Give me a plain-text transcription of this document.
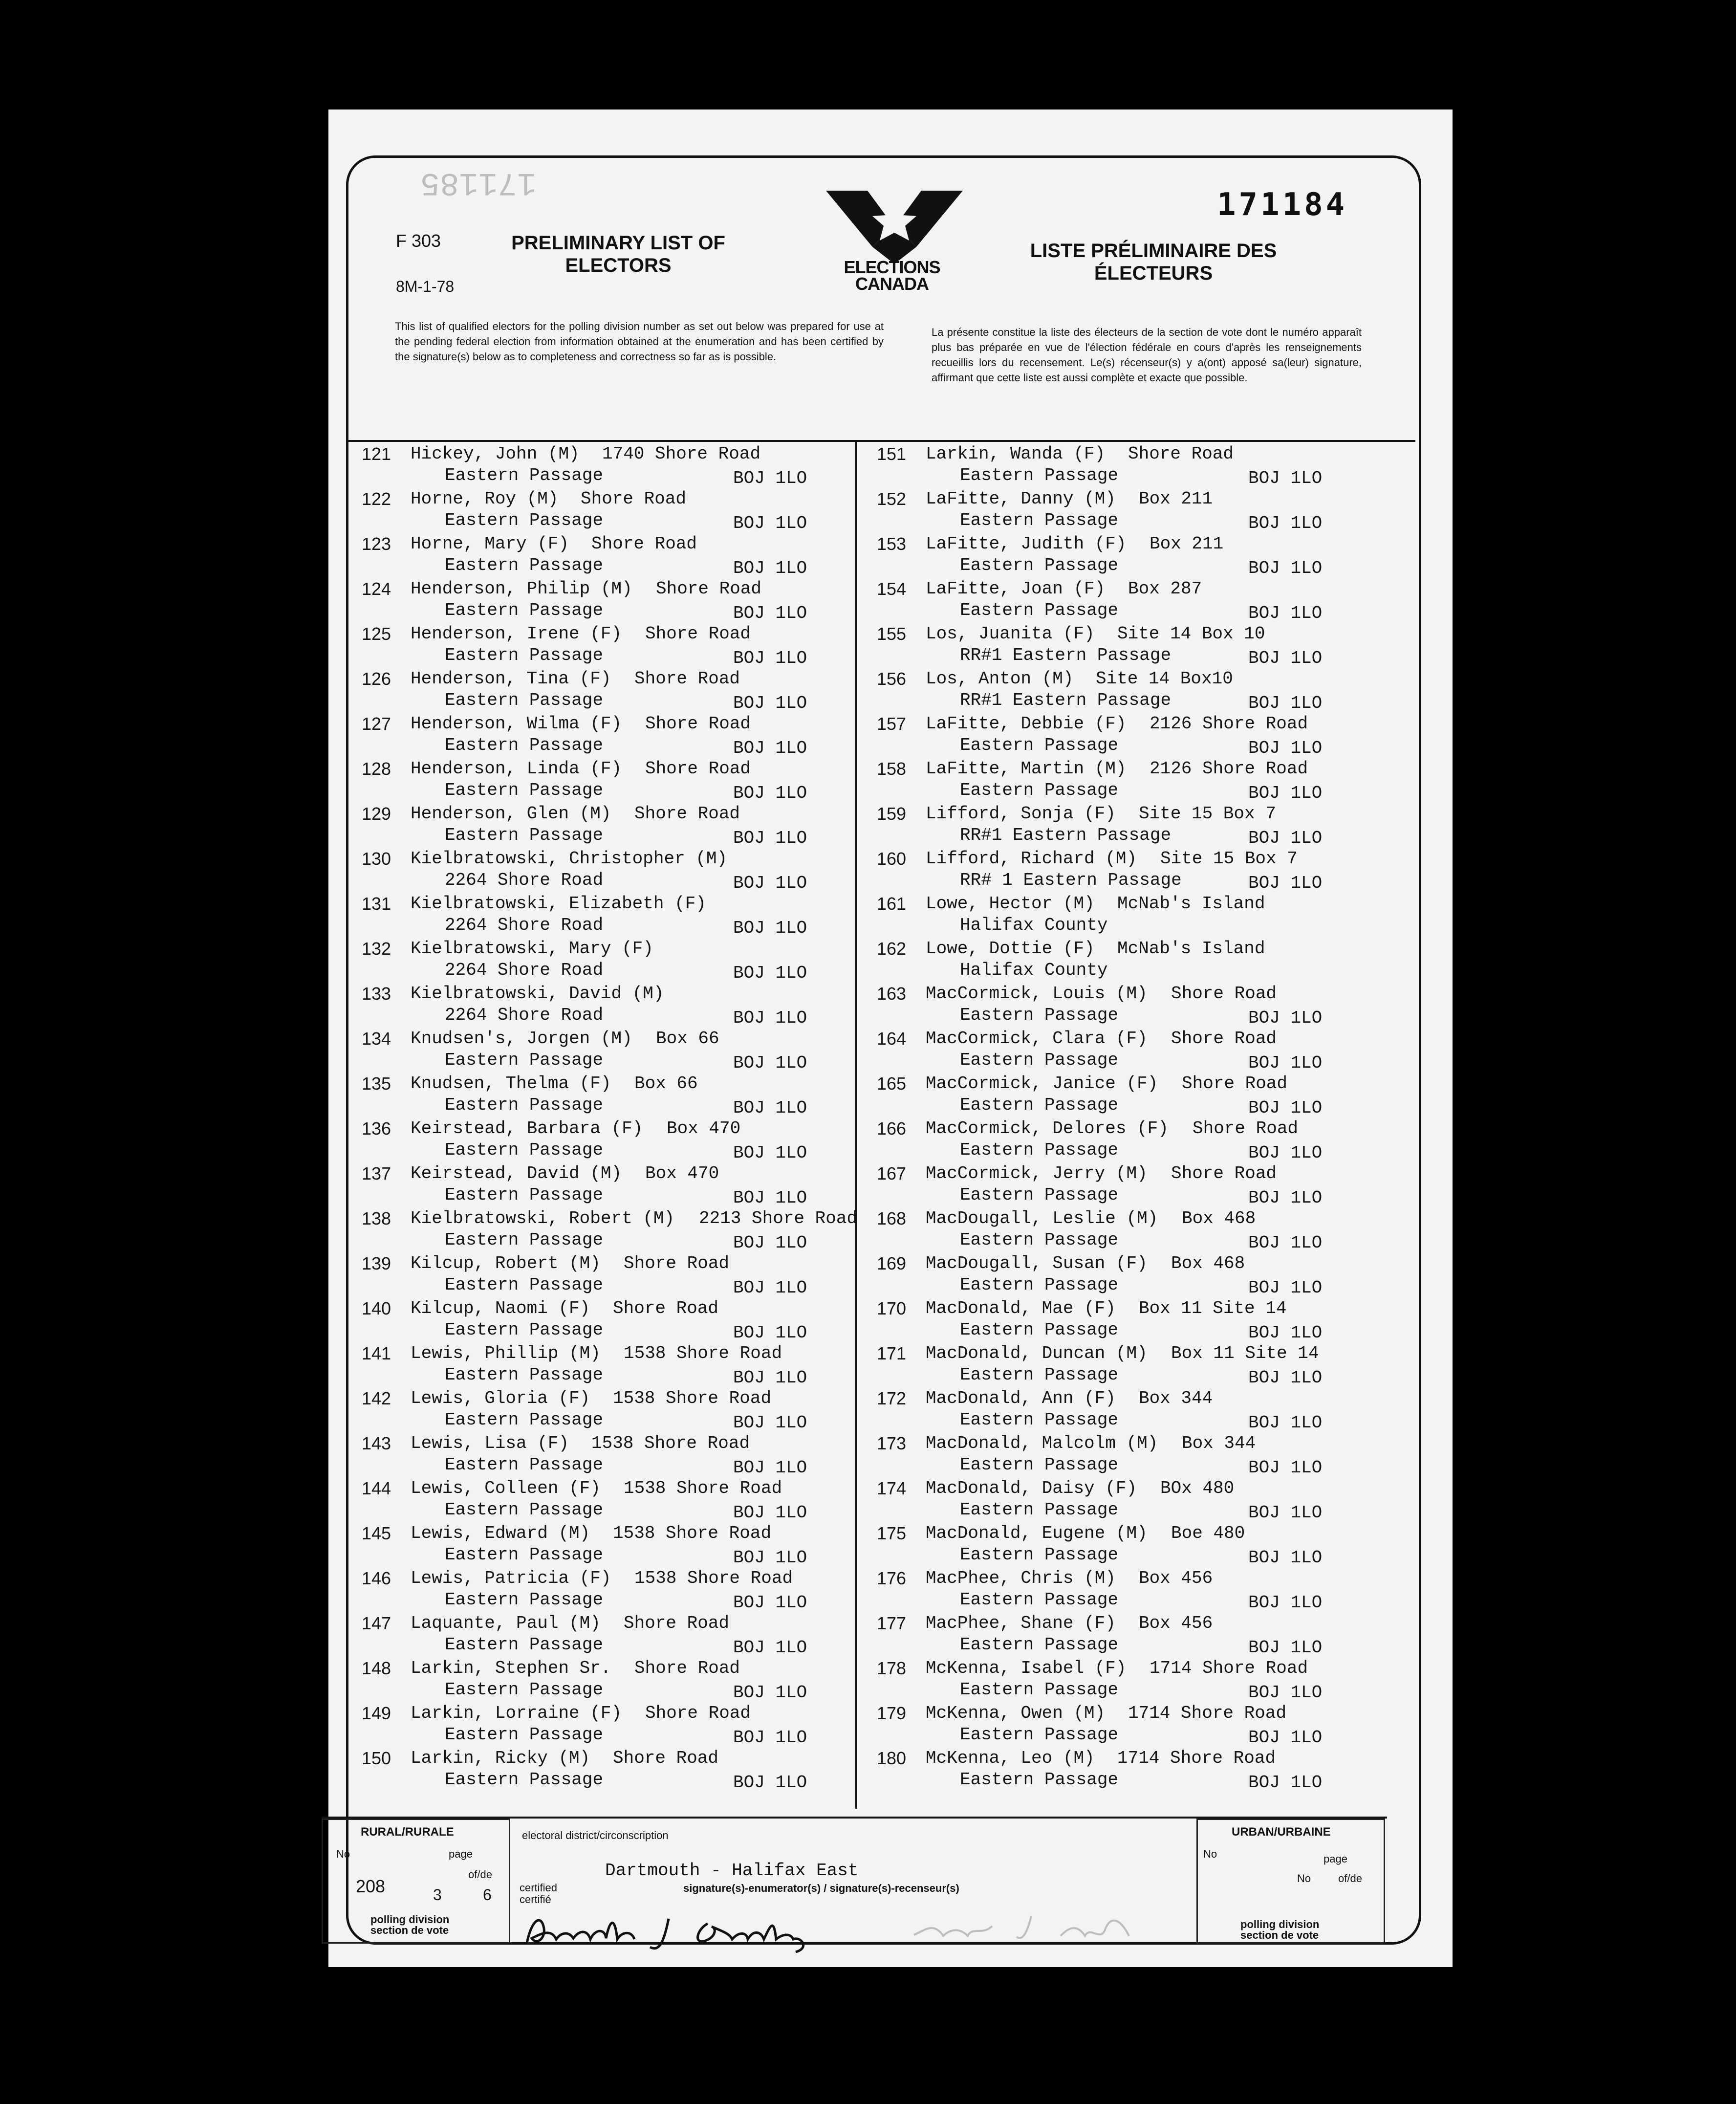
171185
171184
F 303
8M-1-78
PRELIMINARY LIST OF ELECTORS
LISTE PRÉLIMINAIRE DES ÉLECTEURS
ELECTIONS CANADA
This list of qualified electors for the polling division number as set out below was prepared for use at the pending federal election from information obtained at the enumeration and has been certified by the signature(s) below as to completeness and correctness so far as is possible.
La présente constitue la liste des électeurs de la section de vote dont le numéro apparaît plus bas préparée en vue de l'élection fédérale en cours d'après les renseignements recueillis lors du recensement. Le(s) récenseur(s) y a(ont) apposé sa(leur) signature, affirmant que cette liste est aussi complète et exacte que possible.
121 Hickey, John (M) 1740 Shore Road
Eastern Passage	BOJ 1LO
122 Horne, Roy (M) Shore Road
Eastern Passage	BOJ 1LO
123 Horne, Mary (F) Shore Road
Eastern Passage	BOJ 1LO
124 Henderson, Philip (M) Shore Road
Eastern Passage	BOJ 1LO
125 Henderson, Irene (F) Shore Road
Eastern Passage	BOJ 1LO
126 Henderson, Tina (F) Shore Road
Eastern Passage	BOJ 1LO
127 Henderson, Wilma (F) Shore Road
Eastern Passage	BOJ 1LO
128 Henderson, Linda (F) Shore Road
Eastern Passage	BOJ 1LO
129 Henderson, Glen (M) Shore Road
Eastern Passage	BOJ 1LO
130 Kielbratowski, Christopher (M)
2264 Shore Road	BOJ 1LO
131 Kielbratowski, Elizabeth (F)
2264 Shore Road	BOJ 1LO
132 Kielbratowski, Mary (F)
2264 Shore Road	BOJ 1LO
133 Kielbratowski, David (M)
2264 Shore Road	BOJ 1LO
134 Knudsen's, Jorgen (M) Box 66
Eastern Passage	BOJ 1LO
135 Knudsen, Thelma (F) Box 66
Eastern Passage	BOJ 1LO
136 Keirstead, Barbara (F) Box 470
Eastern Passage	BOJ 1LO
137 Keirstead, David (M) Box 470
Eastern Passage	BOJ 1LO
138 Kielbratowski, Robert (M) 2213 Shore Road
Eastern Passage	BOJ 1LO
139 Kilcup, Robert (M) Shore Road
Eastern Passage	BOJ 1LO
140 Kilcup, Naomi (F) Shore Road
Eastern Passage	BOJ 1LO
141 Lewis, Phillip (M) 1538 Shore Road
Eastern Passage	BOJ 1LO
142 Lewis, Gloria (F) 1538 Shore Road
Eastern Passage	BOJ 1LO
143 Lewis, Lisa (F) 1538 Shore Road
Eastern Passage	BOJ 1LO
144 Lewis, Colleen (F) 1538 Shore Road
Eastern Passage	BOJ 1LO
145 Lewis, Edward (M) 1538 Shore Road
Eastern Passage	BOJ 1LO
146 Lewis, Patricia (F) 1538 Shore Road
Eastern Passage	BOJ 1LO
147 Laquante, Paul (M) Shore Road
Eastern Passage	BOJ 1LO
148 Larkin, Stephen Sr. Shore Road
Eastern Passage	BOJ 1LO
149 Larkin, Lorraine (F) Shore Road
Eastern Passage	BOJ 1LO
150 Larkin, Ricky (M) Shore Road
Eastern Passage	BOJ 1LO
151 Larkin, Wanda (F) Shore Road
Eastern Passage	BOJ 1LO
152 LaFitte, Danny (M) Box 211
Eastern Passage	BOJ 1LO
153 LaFitte, Judith (F) Box 211
Eastern Passage	BOJ 1LO
154 LaFitte, Joan (F) Box 287
Eastern Passage	BOJ 1LO
155 Los, Juanita (F) Site 14 Box 10
RR#1 Eastern Passage	BOJ 1LO
156 Los, Anton (M) Site 14 Box10
RR#1 Eastern Passage	BOJ 1LO
157 LaFitte, Debbie (F) 2126 Shore Road
Eastern Passage	BOJ 1LO
158 LaFitte, Martin (M) 2126 Shore Road
Eastern Passage	BOJ 1LO
159 Lifford, Sonja (F) Site 15 Box 7
RR#1 Eastern Passage	BOJ 1LO
160 Lifford, Richard (M) Site 15 Box 7
RR# 1 Eastern Passage	BOJ 1LO
161 Lowe, Hector (M) McNab's Island
Halifax County
162 Lowe, Dottie (F) McNab's Island
Halifax County
163 MacCormick, Louis (M) Shore Road
Eastern Passage	BOJ 1LO
164 MacCormick, Clara (F) Shore Road
Eastern Passage	BOJ 1LO
165 MacCormick, Janice (F) Shore Road
Eastern Passage	BOJ 1LO
166 MacCormick, Delores (F) Shore Road
Eastern Passage	BOJ 1LO
167 MacCormick, Jerry (M) Shore Road
Eastern Passage	BOJ 1LO
168 MacDougall, Leslie (M) Box 468
Eastern Passage	BOJ 1LO
169 MacDougall, Susan (F) Box 468
Eastern Passage	BOJ 1LO
170 MacDonald, Mae (F) Box 11 Site 14
Eastern Passage	BOJ 1LO
171 MacDonald, Duncan (M) Box 11 Site 14
Eastern Passage	BOJ 1LO
172 MacDonald, Ann (F) Box 344
Eastern Passage	BOJ 1LO
173 MacDonald, Malcolm (M) Box 344
Eastern Passage	BOJ 1LO
174 MacDonald, Daisy (F) BOx 480
Eastern Passage	BOJ 1LO
175 MacDonald, Eugene (M) Boe 480
Eastern Passage	BOJ 1LO
176 MacPhee, Chris (M) Box 456
Eastern Passage	BOJ 1LO
177 MacPhee, Shane (F) Box 456
Eastern Passage	BOJ 1LO
178 McKenna, Isabel (F) 1714 Shore Road
Eastern Passage	BOJ 1LO
179 McKenna, Owen (M) 1714 Shore Road
Eastern Passage	BOJ 1LO
180 McKenna, Leo (M) 1714 Shore Road
Eastern Passage	BOJ 1LO
RURAL/RURALE
No	page
of/de
208	3	6
polling division section de vote
electoral district/circonscription
certified certifié
signature(s)-enumerator(s) / signature(s)-recenseur(s)
URBAN/URBAINE
No	page
No	of/de
polling division section de vote
Dartmouth - Halifax East
